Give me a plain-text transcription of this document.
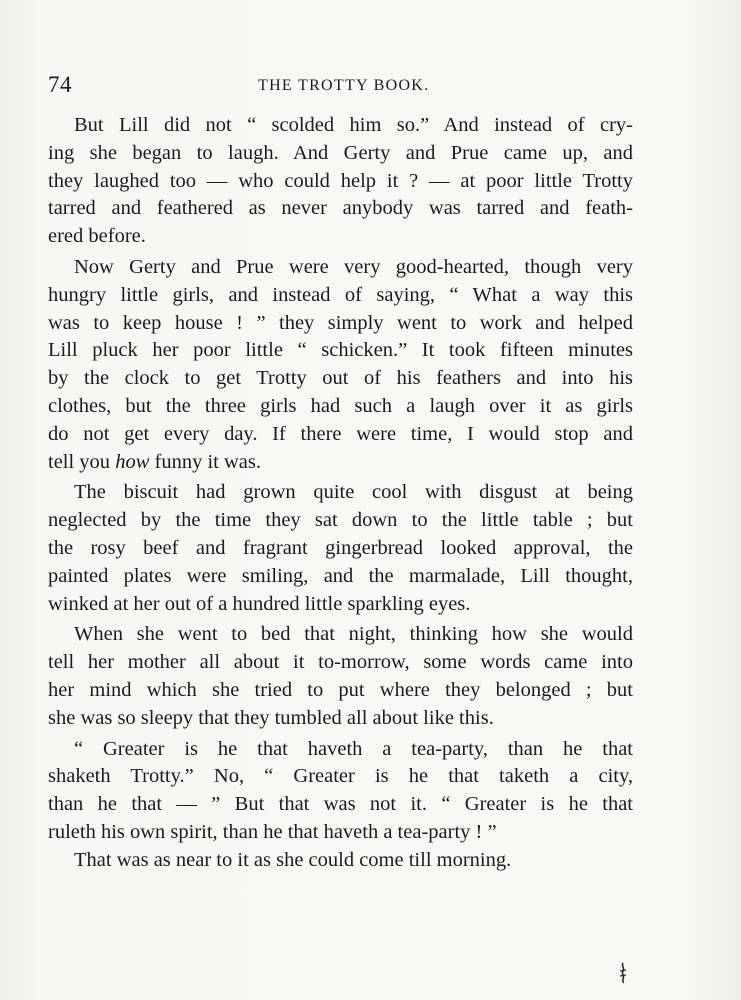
74	THE TROTTY BOOK.
But Lill did not “ scolded him so.” And instead of cry-
ing she began to laugh. And Gerty and Prue came up, and
they laughed too — who could help it ? — at poor little Trotty
tarred and feathered as never anybody was tarred and feath-
ered before.
Now Gerty and Prue were very good-hearted, though very
hungry little girls, and instead of saying, “ What a way this
was to keep house ! ” they simply went to work and helped
Lill pluck her poor little “ schicken.” It took fifteen minutes
by the clock to get Trotty out of his feathers and into his
clothes, but the three girls had such a laugh over it as girls
do not get every day. If there were time, I would stop and
tell you how funny it was.
The biscuit had grown quite cool with disgust at being
neglected by the time they sat down to the little table ; but
the rosy beef and fragrant gingerbread looked approval, the
painted plates were smiling, and the marmalade, Lill thought,
winked at her out of a hundred little sparkling eyes.
When she went to bed that night, thinking how she would
tell her mother all about it to-morrow, some words came into
her mind which she tried to put where they belonged ; but
she was so sleepy that they tumbled all about like this.
“ Greater is he that haveth a tea-party, than he that
shaketh Trotty.” No, “ Greater is he that taketh a city,
than he that — ” But that was not it. “ Greater is he that
ruleth his own spirit, than he that haveth a tea-party ! ”
That was as near to it as she could come till morning.
